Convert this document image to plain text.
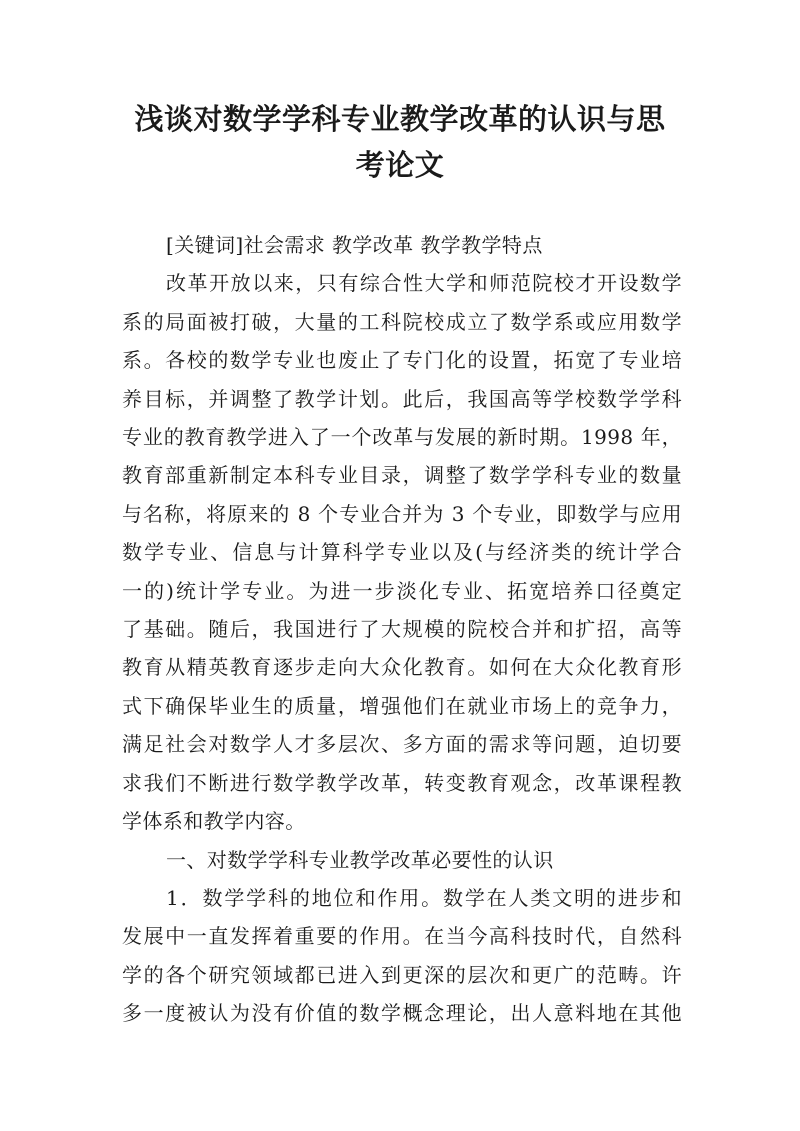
浅谈对数学学科专业教学改革的认识与思
考论文

[关键词]社会需求 教学改革 教学教学特点

改革开放以来，只有综合性大学和师范院校才开设数学
系的局面被打破，大量的工科院校成立了数学系或应用数学
系。各校的数学专业也废止了专门化的设置，拓宽了专业培
养目标，并调整了教学计划。此后，我国高等学校数学学科
专业的教育教学进入了一个改革与发展的新时期。1998 年，
教育部重新制定本科专业目录，调整了数学学科专业的数量
与名称，将原来的 8 个专业合并为 3 个专业，即数学与应用
数学专业、信息与计算科学专业以及(与经济类的统计学合
一的)统计学专业。为进一步淡化专业、拓宽培养口径奠定
了基础。随后，我国进行了大规模的院校合并和扩招，高等
教育从精英教育逐步走向大众化教育。如何在大众化教育形
式下确保毕业生的质量，增强他们在就业市场上的竞争力，
满足社会对数学人才多层次、多方面的需求等问题，迫切要
求我们不断进行数学教学改革，转变教育观念，改革课程教
学体系和教学内容。

一、对数学学科专业教学改革必要性的认识

1．数学学科的地位和作用。数学在人类文明的进步和
发展中一直发挥着重要的作用。在当今高科技时代，自然科
学的各个研究领域都已进入到更深的层次和更广的范畴。许
多一度被认为没有价值的数学概念理论，出人意料地在其他
